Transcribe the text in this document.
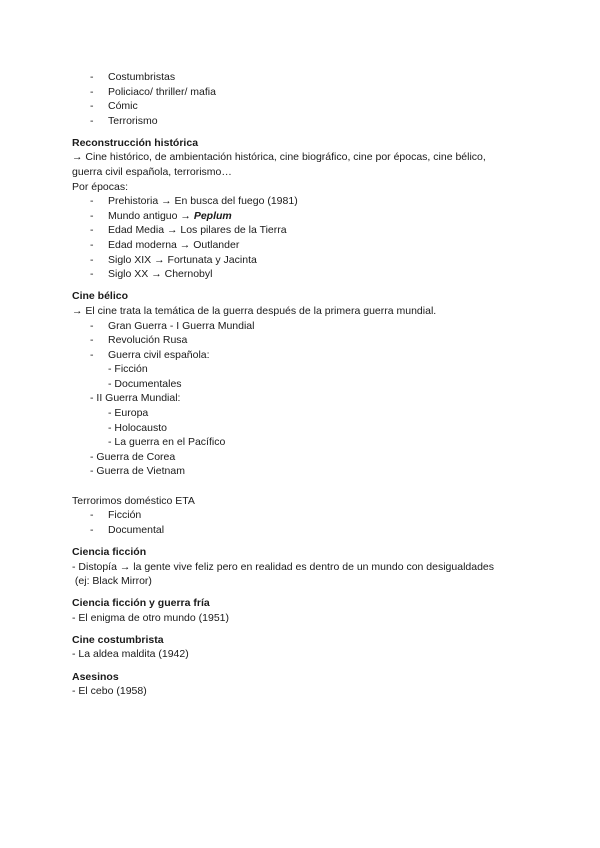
- Costumbristas
- Policiaco/ thriller/ mafia
- Cómic
- Terrorismo
Reconstrucción histórica
→ Cine histórico, de ambientación histórica, cine biográfico, cine por épocas, cine bélico,
guerra civil española, terrorismo…
Por épocas:
- Prehistoria → En busca del fuego (1981)
- Mundo antiguo → Peplum
- Edad Media → Los pilares de la Tierra
- Edad moderna → Outlander
- Siglo XIX → Fortunata y Jacinta
- Siglo XX → Chernobyl
Cine bélico
→ El cine trata la temática de la guerra después de la primera guerra mundial.
- Gran Guerra - I Guerra Mundial
- Revolución Rusa
- Guerra civil española:
- Ficción
- Documentales
- II Guerra Mundial:
- Europa
- Holocausto
- La guerra en el Pacífico
- Guerra de Corea
- Guerra de Vietnam
Terrorimos doméstico ETA
- Ficción
- Documental
Ciencia ficción
- Distopía → la gente vive feliz pero en realidad es dentro de un mundo con desigualdades
(ej: Black Mirror)
Ciencia ficción y guerra fría
- El enigma de otro mundo (1951)
Cine costumbrista
- La aldea maldita (1942)
Asesinos
- El cebo (1958)
